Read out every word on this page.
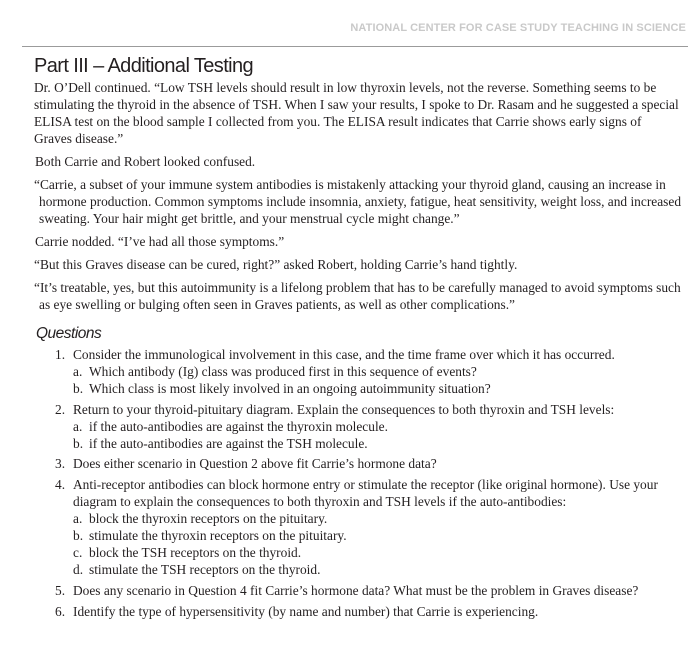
NATIONAL CENTER FOR CASE STUDY TEACHING IN SCIENCE
Part III – Additional Testing

Dr. O’Dell continued. “Low TSH levels should result in low thyroxin levels, not the reverse. Something seems to be stimulating the thyroid in the absence of TSH. When I saw your results, I spoke to Dr. Rasam and he suggested a special ELISA test on the blood sample I collected from you. The ELISA result indicates that Carrie shows early signs of Graves disease.”

Both Carrie and Robert looked confused.

“Carrie, a subset of your immune system antibodies is mistakenly attacking your thyroid gland, causing an increase in hormone production. Common symptoms include insomnia, anxiety, fatigue, heat sensitivity, weight loss, and increased sweating. Your hair might get brittle, and your menstrual cycle might change.”

Carrie nodded. “I’ve had all those symptoms.”

“But this Graves disease can be cured, right?” asked Robert, holding Carrie’s hand tightly.

“It’s treatable, yes, but this autoimmunity is a lifelong problem that has to be carefully managed to avoid symptoms such as eye swelling or bulging often seen in Graves patients, as well as other complications.”

Questions
1. Consider the immunological involvement in this case, and the time frame over which it has occurred.
a. Which antibody (Ig) class was produced first in this sequence of events?
b. Which class is most likely involved in an ongoing autoimmunity situation?
2. Return to your thyroid-pituitary diagram. Explain the consequences to both thyroxin and TSH levels:
a. if the auto-antibodies are against the thyroxin molecule.
b. if the auto-antibodies are against the TSH molecule.
3. Does either scenario in Question 2 above fit Carrie’s hormone data?
4. Anti-receptor antibodies can block hormone entry or stimulate the receptor (like original hormone). Use your diagram to explain the consequences to both thyroxin and TSH levels if the auto-antibodies:
a. block the thyroxin receptors on the pituitary.
b. stimulate the thyroxin receptors on the pituitary.
c. block the TSH receptors on the thyroid.
d. stimulate the TSH receptors on the thyroid.
5. Does any scenario in Question 4 fit Carrie’s hormone data? What must be the problem in Graves disease?
6. Identify the type of hypersensitivity (by name and number) that Carrie is experiencing.
